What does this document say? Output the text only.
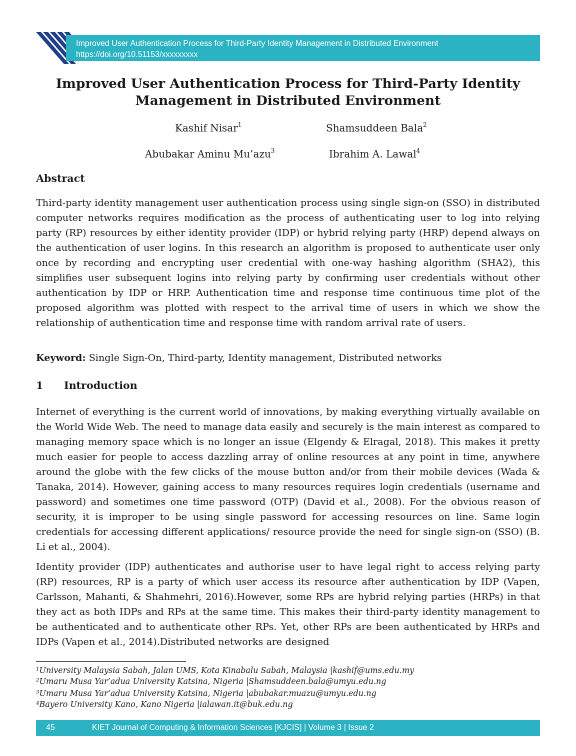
Improved User Authentication Process for Third-Party Identity Management in Distributed Environment
https://doi.org/10.51153/xxxxxxxxx
Improved User Authentication Process for Third-Party Identity
Management in Distributed Environment
Kashif Nisar$^1$	Shamsuddeen Bala$^2$
Abubakar Aminu Mu’azu$^3$	Ibrahim A. Lawal$^4$
Abstract

Third-party identity management user authentication process using single sign-on (SSO) in distributed computer networks requires modification as the process of authenticating user to log into relying party (RP) resources by either identity provider (IDP) or hybrid relying party (HRP) depend always on the authentication of user logins. In this research an algorithm is proposed to authenticate user only once by recording and encrypting user credential with one-way hashing algorithm (SHA2), this simplifies user subsequent logins into relying party by confirming user credentials without other authentication by IDP or HRP. Authentication time and response time continuous time plot of the proposed algorithm was plotted with respect to the arrival time of users in which we show the relationship of authentication time and response time with random arrival rate of users.

Keyword: Single Sign-On, Third-party, Identity management, Distributed networks
1 Introduction

Internet of everything is the current world of innovations, by making everything virtually available on the World Wide Web. The need to manage data easily and securely is the main interest as compared to managing memory space which is no longer an issue (Elgendy & Elragal, 2018). This makes it pretty much easier for people to access dazzling array of online resources at any point in time, anywhere around the globe with the few clicks of the mouse button and/or from their mobile devices (Wada & Tanaka, 2014). However, gaining access to many resources requires login credentials (username and password) and sometimes one time password (OTP) (David et al., 2008). For the obvious reason of security, it is improper to be using single password for accessing resources on line. Same login credentials for accessing different applications/ resource provide the need for single sign-on (SSO) (B. Li et al., 2004).

Identity provider (IDP) authenticates and authorise user to have legal right to access relying party (RP) resources, RP is a party of which user access its resource after authentication by IDP (Vapen, Carlsson, Mahanti, & Shahmehri, 2016).However, some RPs are hybrid relying parties (HRPs) in that they act as both IDPs and RPs at the same time. This makes their third-party identity management to be authenticated and to authenticate other RPs. Yet, other RPs are been authenticated by HRPs and IDPs (Vapen et al., 2014).Distributed networks are designed

¹University Malaysia Sabah, Jalan UMS, Kota Kinabalu Sabah, Malaysia |kashif@ums.edu.my
²Umaru Musa Yar’adua University Katsina, Nigeria |Shamsuddeen.bala@umyu.edu.ng
³Umaru Musa Yar’adua University Katsina, Nigeria |abubakar.muazu@umyu.edu.ng
⁴Bayero University Kano, Kano Nigeria |ialawan.it@buk.edu.ng
45	KIET Journal of Computing & Information Sciences [KJCIS] | Volume 3 | Issue 2
